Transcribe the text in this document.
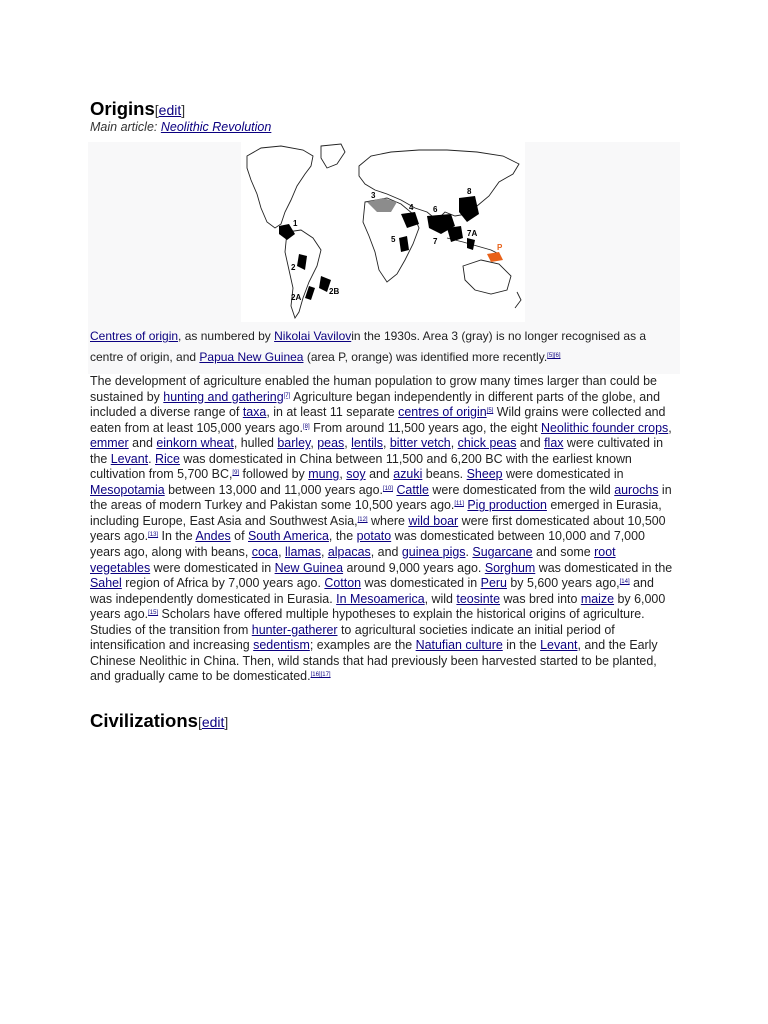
Origins[edit]

Main article: Neolithic Revolution

1
2
2A
2B
3
4
5
6
7
7A
8
P
Centres of origin, as numbered by Nikolai Vavilovin the 1930s. Area 3 (gray) is no longer recognised as a centre of origin, and Papua New Guinea (area P, orange) was identified more recently.[5][6]

The development of agriculture enabled the human population to grow many times larger than could be sustained by hunting and gathering[7] Agriculture began independently in different parts of the globe, and included a diverse range of taxa, in at least 11 separate centres of origin[5] Wild grains were collected and eaten from at least 105,000 years ago.[8] From around 11,500 years ago, the eight Neolithic founder crops, emmer and einkorn wheat, hulled barley, peas, lentils, bitter vetch, chick peas and flax were cultivated in the Levant. Rice was domesticated in China between 11,500 and 6,200 BC with the earliest known cultivation from 5,700 BC,[9] followed by mung, soy and azuki beans. Sheep were domesticated in Mesopotamia between 13,000 and 11,000 years ago.[10] Cattle were domesticated from the wild aurochs in the areas of modern Turkey and Pakistan some 10,500 years ago.[11] Pig production emerged in Eurasia, including Europe, East Asia and Southwest Asia,[12] where wild boar were first domesticated about 10,500 years ago.[13] In the Andes of South America, the potato was domesticated between 10,000 and 7,000 years ago, along with beans, coca, llamas, alpacas, and guinea pigs. Sugarcane and some root vegetables were domesticated in New Guinea around 9,000 years ago. Sorghum was domesticated in the Sahel region of Africa by 7,000 years ago. Cotton was domesticated in Peru by 5,600 years ago,[14] and was independently domesticated in Eurasia. In Mesoamerica, wild teosinte was bred into maize by 6,000 years ago.[15] Scholars have offered multiple hypotheses to explain the historical origins of agriculture. Studies of the transition from hunter-gatherer to agricultural societies indicate an initial period of intensification and increasing sedentism; examples are the Natufian culture in the Levant, and the Early Chinese Neolithic in China. Then, wild stands that had previously been harvested started to be planted, and gradually came to be domesticated.[16][17]

Civilizations[edit]
